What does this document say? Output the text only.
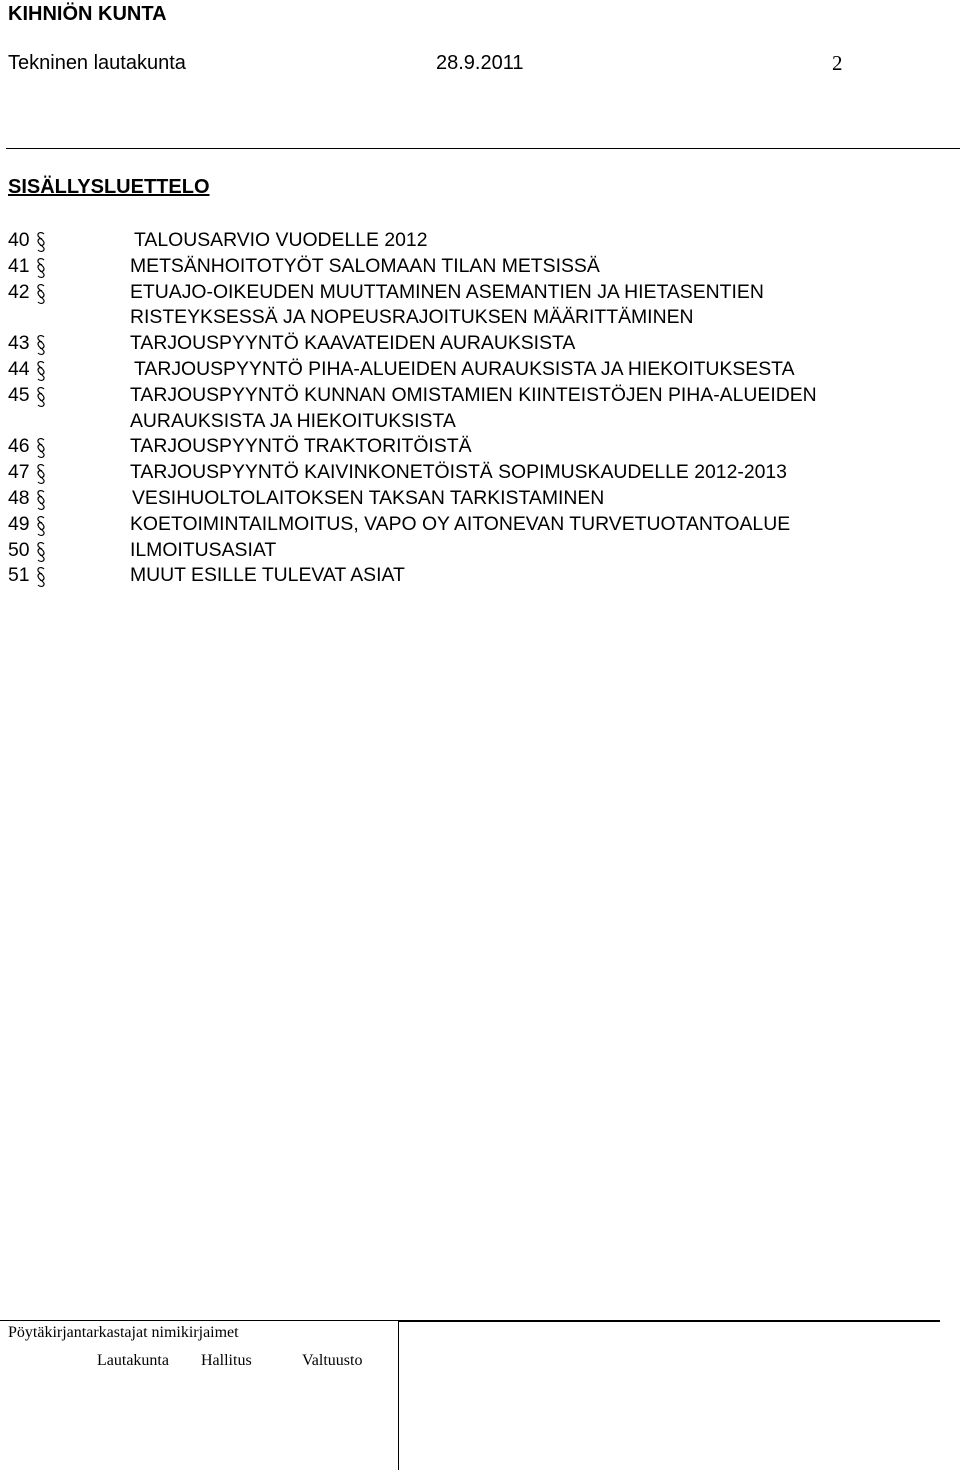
KIHNIÖN KUNTA
Tekninen lautakunta	28.9.2011	2
SISÄLLYSLUETTELO
40	TALOUSARVIO VUODELLE 2012
41	METSÄNHOITOTYÖT SALOMAAN TILAN METSISSÄ
42	ETUAJO-OIKEUDEN MUUTTAMINEN ASEMANTIEN JA HIETASENTIEN
RISTEYKSESSÄ JA NOPEUSRAJOITUKSEN MÄÄRITTÄMINEN
43	TARJOUSPYYNTÖ KAAVATEIDEN AURAUKSISTA
44	TARJOUSPYYNTÖ PIHA-ALUEIDEN AURAUKSISTA JA HIEKOITUKSESTA
45	TARJOUSPYYNTÖ KUNNAN OMISTAMIEN KIINTEISTÖJEN PIHA-ALUEIDEN
AURAUKSISTA JA HIEKOITUKSISTA
46	TARJOUSPYYNTÖ TRAKTORITÖISTÄ
47	TARJOUSPYYNTÖ KAIVINKONETÖISTÄ SOPIMUSKAUDELLE 2012-2013
48	VESIHUOLTOLAITOKSEN TAKSAN TARKISTAMINEN
49	KOETOIMINTAILMOITUS, VAPO OY AITONEVAN TURVETUOTANTOALUE
50	ILMOITUSASIAT
51	MUUT ESILLE TULEVAT ASIAT
Pöytäkirjantarkastajat nimikirjaimet
Lautakunta Hallitus	Valtuusto
